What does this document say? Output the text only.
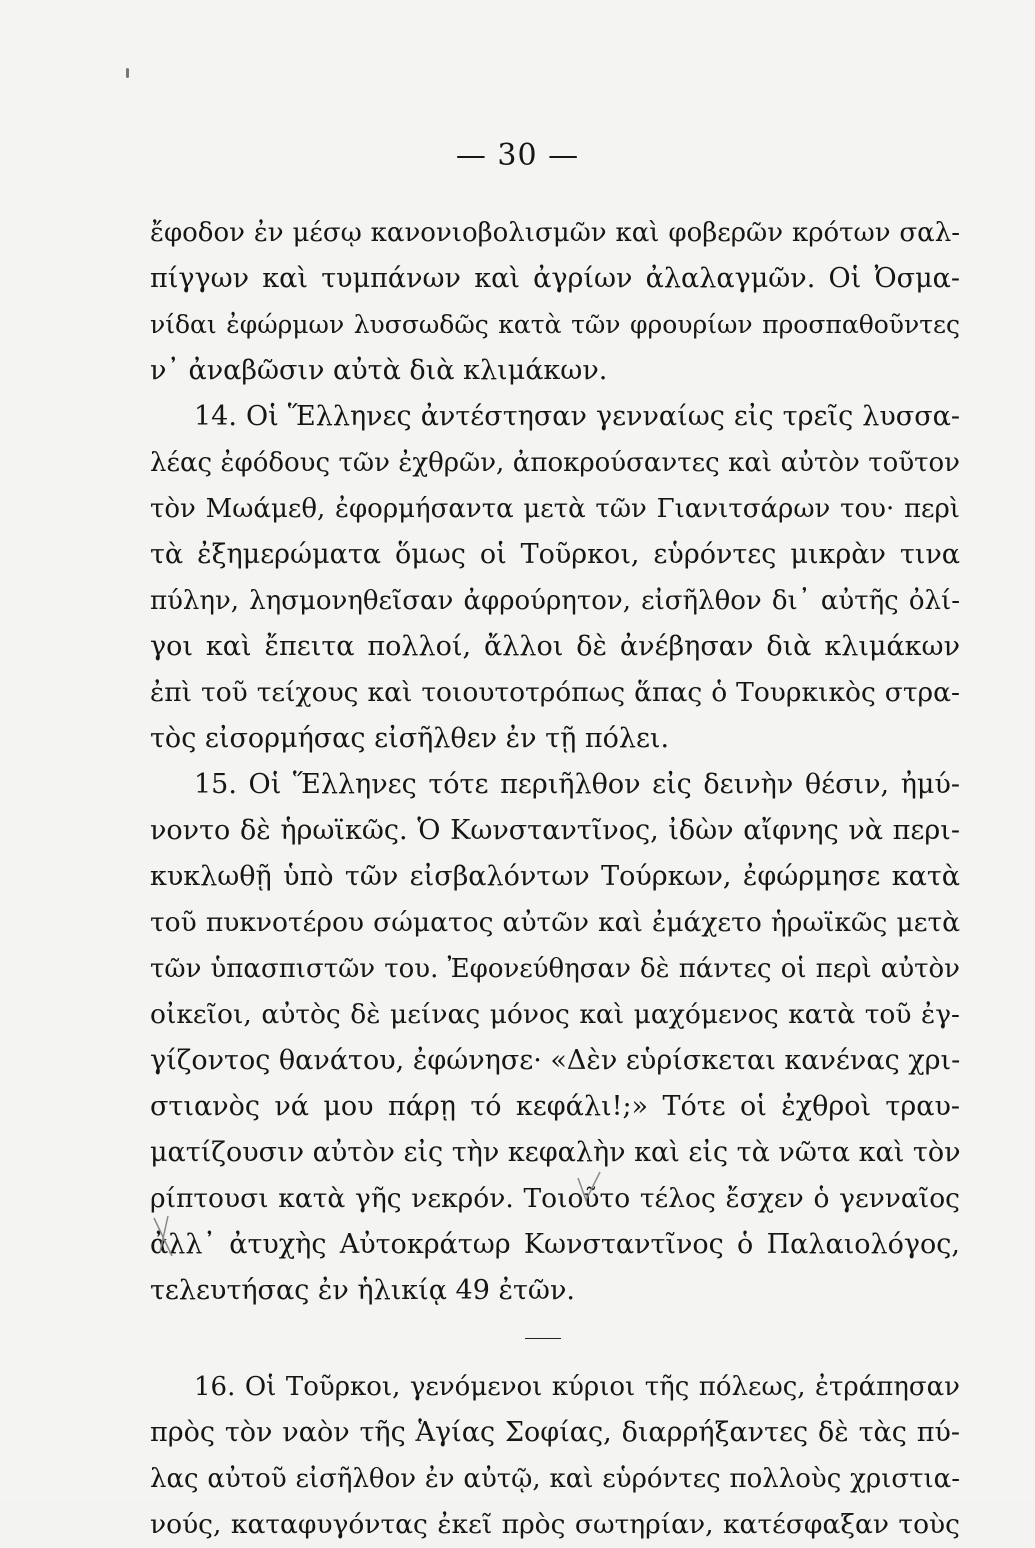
— 30 —
ἔφοδον ἐν μέσῳ κανονιοβολισμῶν καὶ φοβερῶν κρότων σαλ-
πίγγων καὶ τυμπάνων καὶ ἀγρίων ἀλαλαγμῶν. Οἱ Ὀσμα-
νίδαι ἐφώρμων λυσσωδῶς κατὰ τῶν φρουρίων προσπαθοῦντες
ν᾽ ἀναβῶσιν αὐτὰ διὰ κλιμάκων.
14. Οἱ Ἕλληνες ἀντέστησαν γενναίως εἰς τρεῖς λυσσα-
λέας ἐφόδους τῶν ἐχθρῶν, ἀποκρούσαντες καὶ αὐτὸν τοῦτον
τὸν Μωάμεθ, ἐφορμήσαντα μετὰ τῶν Γιανιτσάρων του· περὶ
τὰ ἐξημερώματα ὅμως οἱ Τοῦρκοι, εὑρόντες μικρὰν τινα
πύλην, λησμονηθεῖσαν ἀφρούρητον, εἰσῆλθον δι᾽ αὐτῆς ὀλί-
γοι καὶ ἔπειτα πολλοί, ἄλλοι δὲ ἀνέβησαν διὰ κλιμάκων
ἐπὶ τοῦ τείχους καὶ τοιουτοτρόπως ἅπας ὁ Τουρκικὸς στρα-
τὸς εἰσορμήσας εἰσῆλθεν ἐν τῇ πόλει.
15. Οἱ Ἕλληνες τότε περιῆλθον εἰς δεινὴν θέσιν, ἠμύ-
νοντο δὲ ἡρωϊκῶς. Ὁ Κωνσταντῖνος, ἰδὼν αἴφνης νὰ περι-
κυκλωθῇ ὑπὸ τῶν εἰσβαλόντων Τούρκων, ἐφώρμησε κατὰ
τοῦ πυκνοτέρου σώματος αὐτῶν καὶ ἐμάχετο ἡρωϊκῶς μετὰ
τῶν ὑπασπιστῶν του. Ἐφονεύθησαν δὲ πάντες οἱ περὶ αὐτὸν
οἰκεῖοι, αὐτὸς δὲ μείνας μόνος καὶ μαχόμενος κατὰ τοῦ ἐγ-
γίζοντος θανάτου, ἐφώνησε· «Δὲν εὑρίσκεται κανένας χρι-
στιανὸς νά μου πάρῃ τό κεφάλι!;» Τότε οἱ ἐχθροὶ τραυ-
ματίζουσιν αὐτὸν εἰς τὴν κεφαλὴν καὶ εἰς τὰ νῶτα καὶ τὸν
ρίπτουσι κατὰ γῆς νεκρόν. Τοιοῦτο τέλος ἔσχεν ὁ γενναῖος
ἀλλ᾽ ἀτυχὴς Αὐτοκράτωρ Κωνσταντῖνος ὁ Παλαιολόγος,
τελευτήσας ἐν ἡλικίᾳ 49 ἐτῶν.
16. Οἱ Τοῦρκοι, γενόμενοι κύριοι τῆς πόλεως, ἐτράπησαν
πρὸς τὸν ναὸν τῆς Ἁγίας Σοφίας, διαρρήξαντες δὲ τὰς πύ-
λας αὐτοῦ εἰσῆλθον ἐν αὐτῷ, καὶ εὑρόντες πολλοὺς χριστια-
νούς, καταφυγόντας ἐκεῖ πρὸς σωτηρίαν, κατέσφαξαν τοὺς
